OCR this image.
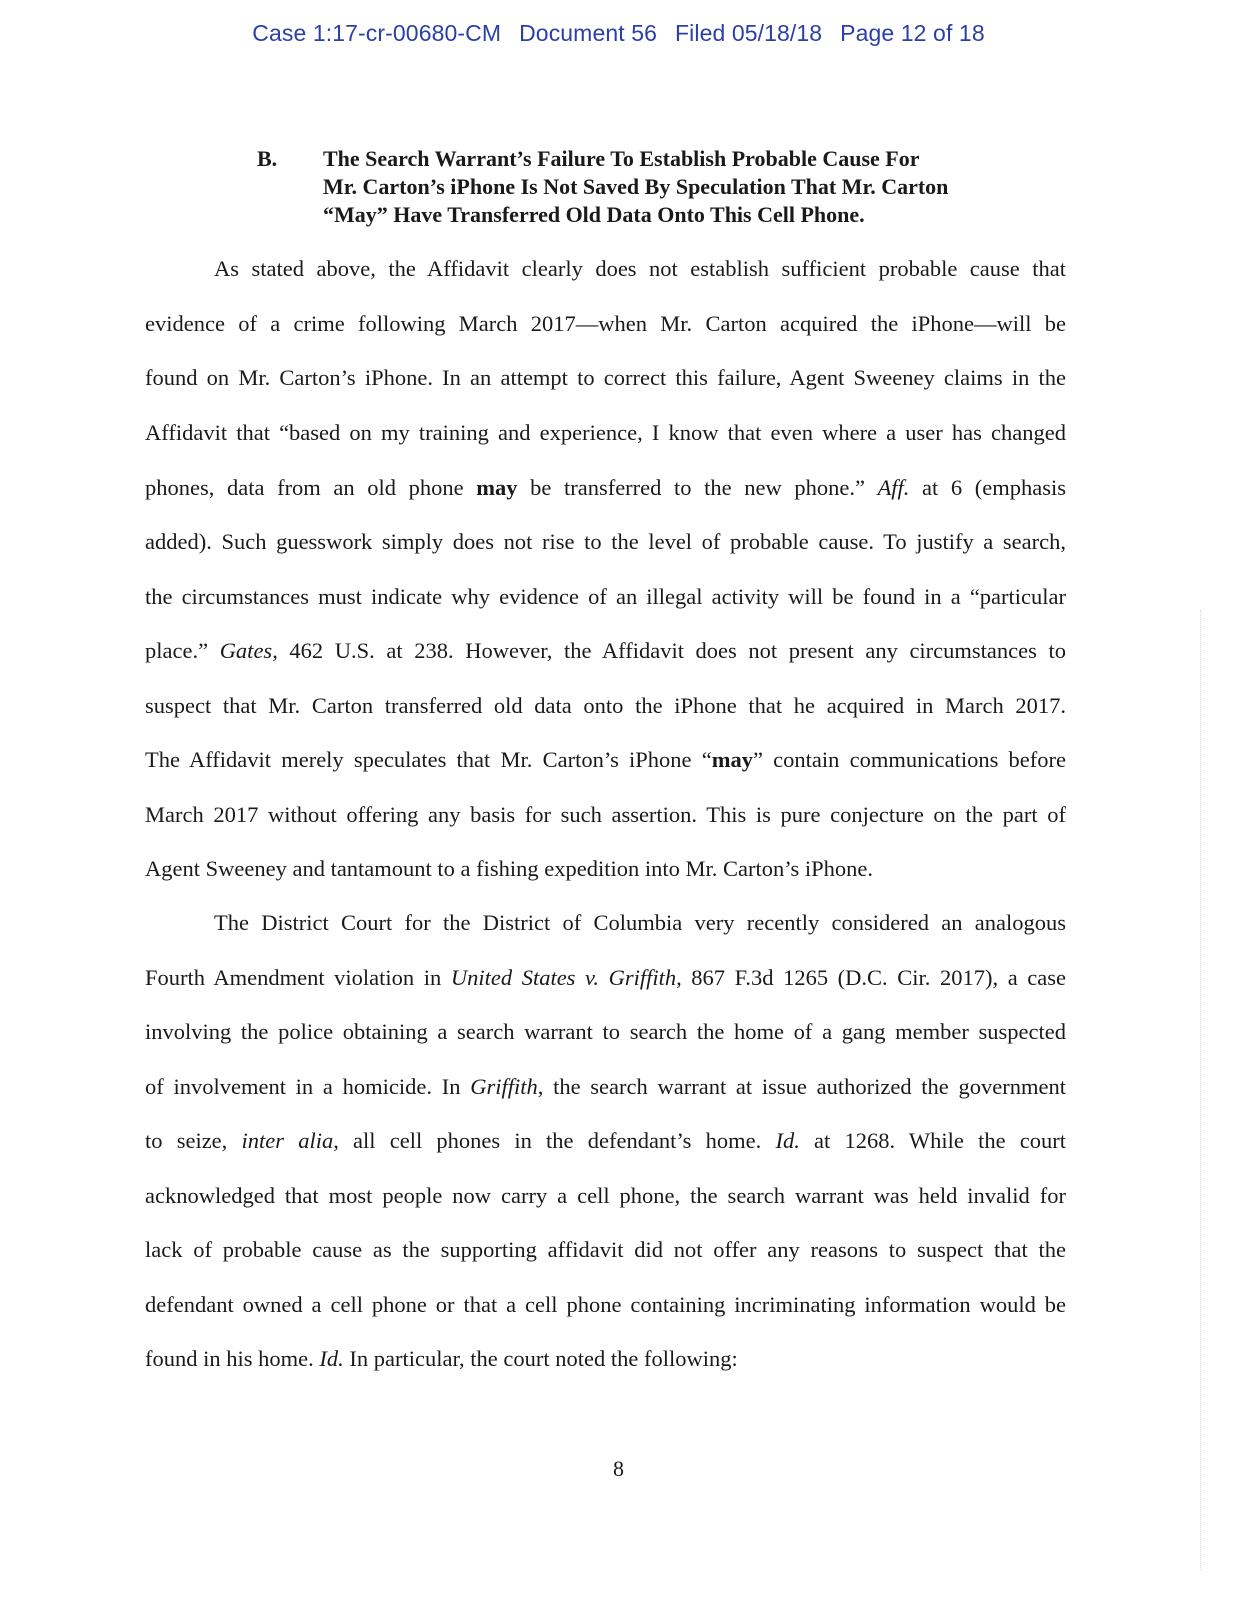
Case 1:17-cr-00680-CM Document 56 Filed 05/18/18 Page 12 of 18
B. The Search Warrant’s Failure To Establish Probable Cause For
Mr. Carton’s iPhone Is Not Saved By Speculation That Mr. Carton
“May” Have Transferred Old Data Onto This Cell Phone.
As stated above, the Affidavit clearly does not establish sufficient probable cause that
evidence of a crime following March 2017—when Mr. Carton acquired the iPhone—will be
found on Mr. Carton’s iPhone. In an attempt to correct this failure, Agent Sweeney claims in the
Affidavit that “based on my training and experience, I know that even where a user has changed
phones, data from an old phone may be transferred to the new phone.” Aff. at 6 (emphasis
added). Such guesswork simply does not rise to the level of probable cause. To justify a search,
the circumstances must indicate why evidence of an illegal activity will be found in a “particular
place.” Gates, 462 U.S. at 238. However, the Affidavit does not present any circumstances to
suspect that Mr. Carton transferred old data onto the iPhone that he acquired in March 2017.
The Affidavit merely speculates that Mr. Carton’s iPhone “may” contain communications before
March 2017 without offering any basis for such assertion. This is pure conjecture on the part of
Agent Sweeney and tantamount to a fishing expedition into Mr. Carton’s iPhone.
The District Court for the District of Columbia very recently considered an analogous
Fourth Amendment violation in United States v. Griffith, 867 F.3d 1265 (D.C. Cir. 2017), a case
involving the police obtaining a search warrant to search the home of a gang member suspected
of involvement in a homicide. In Griffith, the search warrant at issue authorized the government
to seize, inter alia, all cell phones in the defendant’s home. Id. at 1268. While the court
acknowledged that most people now carry a cell phone, the search warrant was held invalid for
lack of probable cause as the supporting affidavit did not offer any reasons to suspect that the
defendant owned a cell phone or that a cell phone containing incriminating information would be
found in his home. Id. In particular, the court noted the following:
8
